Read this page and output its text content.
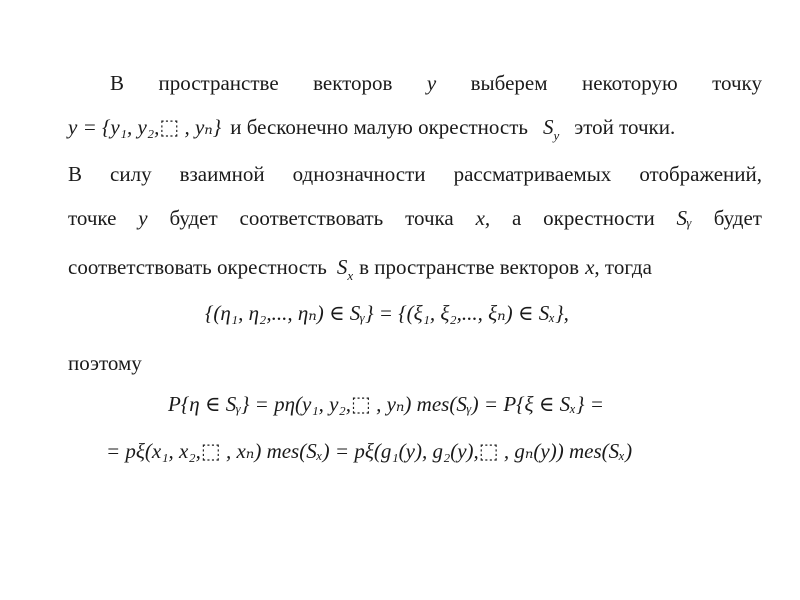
В пространстве векторов y выберем некоторую точку
y = {y₁, y₂,⬚ , yₙ} и бесконечно малую окрестность $S_y$ этой точки.
В силу взаимной однозначности рассматриваемых отображений,
точке y будет соответствовать точка x, а окрестности Sᵧ будет
соответствовать окрестность $S_x$ в пространстве векторов x, тогда
{(η₁, η₂,..., ηₙ) ∈ Sᵧ} = {(ξ₁, ξ₂,..., ξₙ) ∈ Sₓ},
поэтому
P{η ∈ Sᵧ} = pη(y₁, y₂,⬚ , yₙ) mes(Sᵧ) = P{ξ ∈ Sₓ} =
= pξ(x₁, x₂,⬚ , xₙ) mes(Sₓ) = pξ(g₁(y), g₂(y),⬚ , gₙ(y)) mes(Sₓ)
